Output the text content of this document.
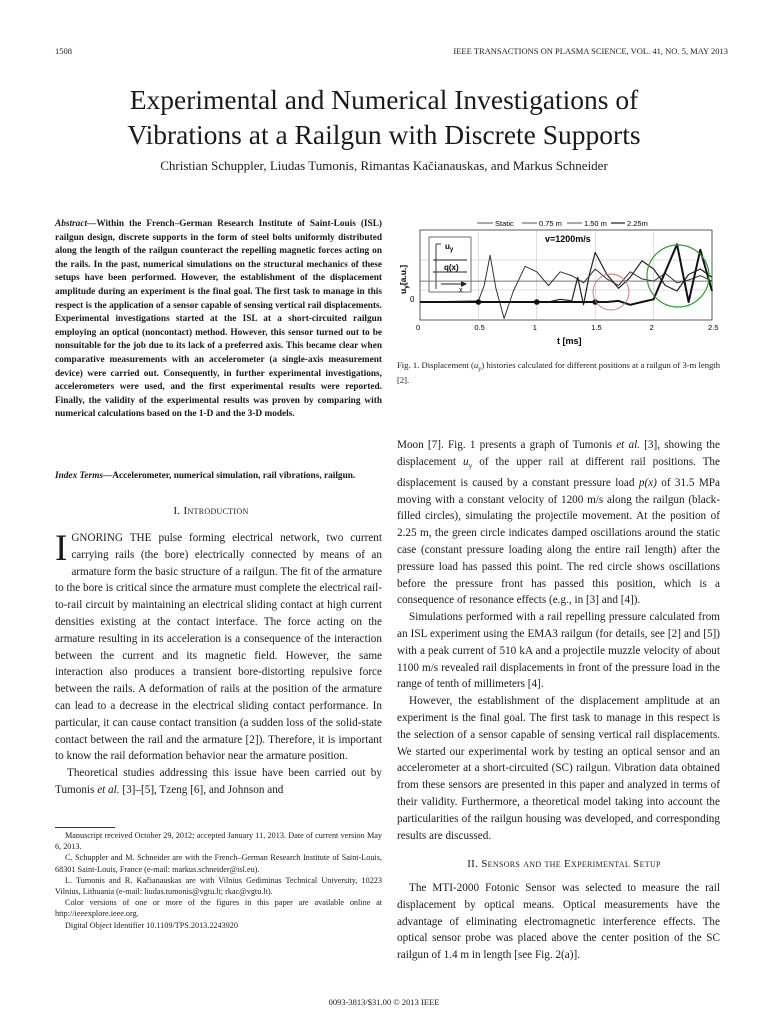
1508	IEEE TRANSACTIONS ON PLASMA SCIENCE, VOL. 41, NO. 5, MAY 2013
Experimental and Numerical Investigations of
Vibrations at a Railgun with Discrete Supports
Christian Schuppler, Liudas Tumonis, Rimantas Kačianauskas, and Markus Schneider
Abstract—Within the French–German Research Institute of Saint-Louis (ISL) railgun design, discrete supports in the form of steel bolts uniformly distributed along the length of the railgun counteract the repelling magnetic forces acting on the rails. In the past, numerical simulations on the structural mechanics of these setups have been performed. However, the establishment of the displacement amplitude during an experiment is the final goal. The first task to manage in this respect is the application of a sensor capable of sensing vertical rail displacements. Experimental investigations started at the ISL at a short-circuited railgun employing an optical (noncontact) method. However, this sensor turned out to be nonsuitable for the job due to its lack of a preferred axis. This became clear when comparative measurements with an accelerometer (a single-axis measurement device) were carried out. Consequently, in further experimental investigations, accelerometers were used, and the first experimental results were reported. Finally, the validity of the experimental results was proven by comparing with numerical calculations based on the 1-D and the 3-D models.
Index Terms—Accelerometer, numerical simulation, rail vibrations, railgun.
I. Introduction

IGNORING THE pulse forming electrical network, two current carrying rails (the bore) electrically connected by means of an armature form the basic structure of a railgun. The fit of the armature to the bore is critical since the armature must complete the electrical rail-to-rail circuit by maintaining an electrical sliding contact at high current densities existing at the contact interface. The force acting on the armature resulting in its acceleration is a consequence of the interaction between the current and its magnetic field. However, the same interaction also produces a transient bore-distorting repulsive force between the rails. A deformation of rails at the position of the armature can lead to a decrease in the electrical sliding contact performance. In particular, it can cause contact transition (a sudden loss of the solid-state contact between the rail and the armature [2]). Therefore, it is important to know the rail deformation behavior near the armature position.

Theoretical studies addressing this issue have been carried out by Tumonis et al. [3]–[5], Tzeng [6], and Johnson and

Manuscript received October 29, 2012; accepted January 11, 2013. Date of current version May 6, 2013.

C. Schuppler and M. Schneider are with the French–German Research Institute of Saint-Louis, 68301 Saint-Louis, France (e-mail: markus.schneider@isl.eu).

L. Tumonis and R. Kačianauskas are with Vilnius Gediminas Technical University, 10223 Vilnius, Lithuania (e-mail: liudas.tumonis@vgtu.lt; rkac@vgtu.lt).

Color versions of one or more of the figures in this paper are available online at http://ieeexplore.ieee.org.

Digital Object Identifier 10.1109/TPS.2013.2243920

Static	0.75 m	1.50 m	2.25m
v=1200m/s
$u_y$
q(x)
x
$u_y[a.u.]$
0
0	0.5	1	1.5	2	2.5
t [ms]
Fig. 1. Displacement $(u_y)$ histories calculated for different positions at a railgun of 3-m length [2].

Moon [7]. Fig. 1 presents a graph of Tumonis et al. [3], showing the displacement $u_y$ of the upper rail at different rail positions. The displacement is caused by a constant pressure load p(x) of 31.5 MPa moving with a constant velocity of 1200 m/s along the railgun (black-filled circles), simulating the projectile movement. At the position of 2.25 m, the green circle indicates damped oscillations around the static case (constant pressure loading along the entire rail length) after the pressure load has passed this point. The red circle shows oscillations before the pressure front has passed this position, which is a consequence of resonance effects (e.g., in [3] and [4]).

Simulations performed with a rail repelling pressure calculated from an ISL experiment using the EMA3 railgun (for details, see [2] and [5]) with a peak current of 510 kA and a projectile muzzle velocity of about 1100 m/s revealed rail displacements in front of the pressure load in the range of tenth of millimeters [4].

However, the establishment of the displacement amplitude at an experiment is the final goal. The first task to manage in this respect is the selection of a sensor capable of sensing vertical rail displacements. We started our experimental work by testing an optical sensor and an accelerometer at a short-circuited (SC) railgun. Vibration data obtained from these sensors are presented in this paper and analyzed in terms of their validity. Furthermore, a theoretical model taking into account the particularities of the railgun housing was developed, and corresponding results are discussed.

II. Sensors and the Experimental Setup

The MTI-2000 Fotonic Sensor was selected to measure the rail displacement by optical means. Optical measurements have the advantage of eliminating electromagnetic interference effects. The optical sensor probe was placed above the center position of the SC railgun of 1.4 m in length [see Fig. 2(a)].

0093-3813/$31.00 © 2013 IEEE
